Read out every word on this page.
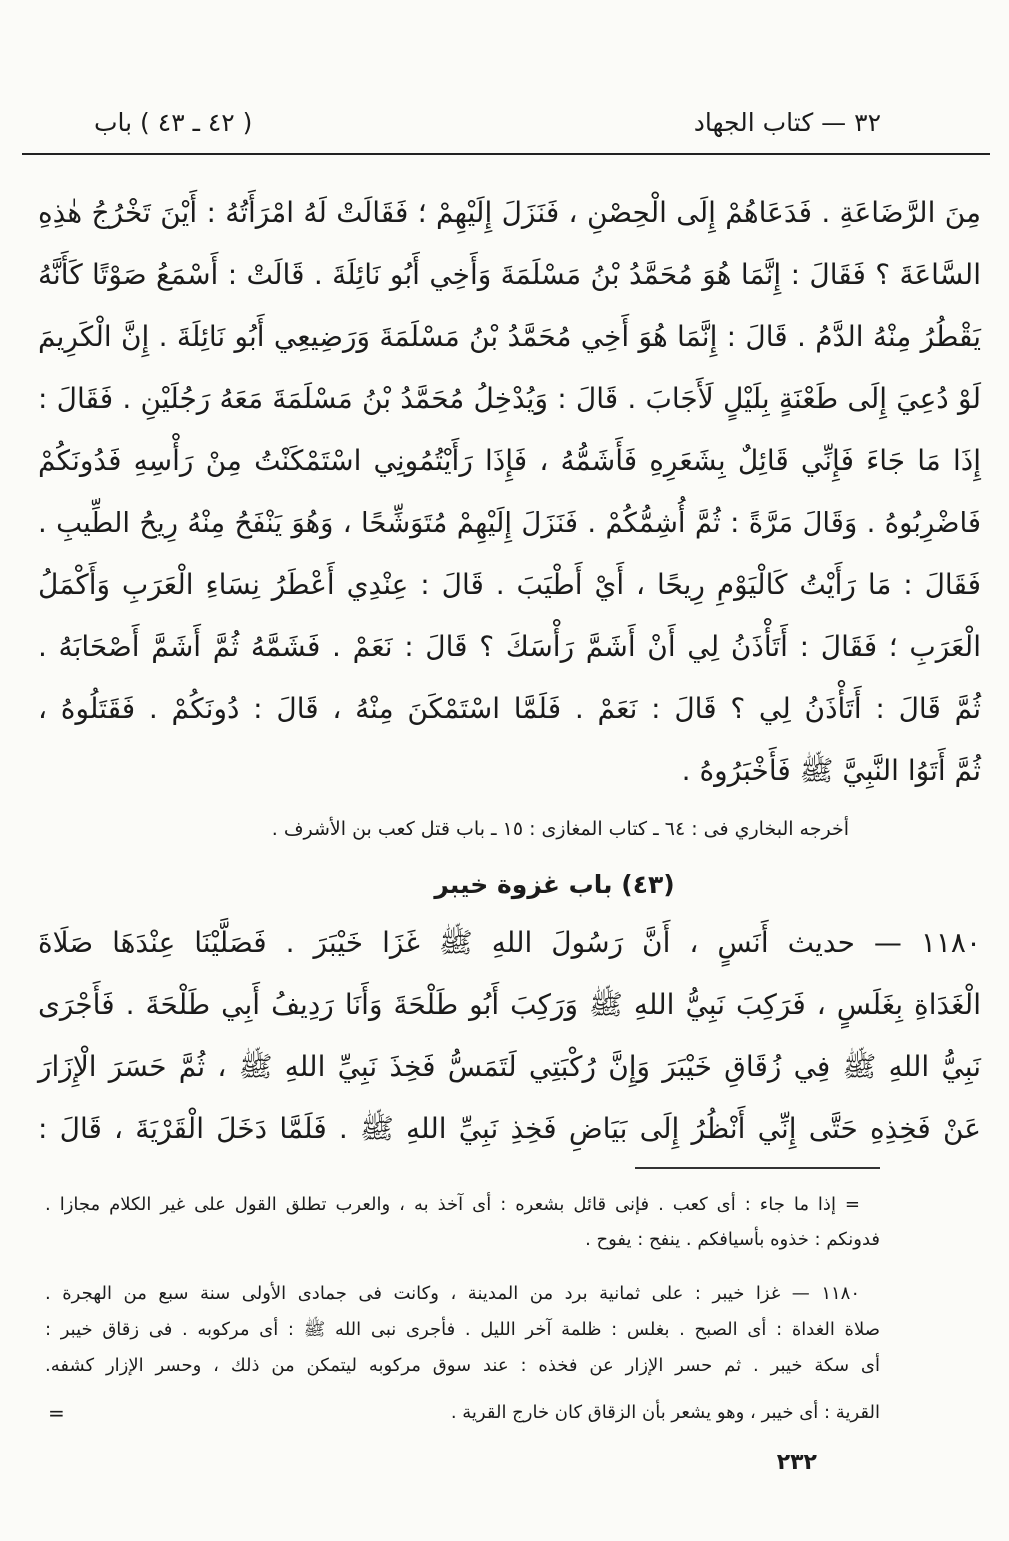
٣٢ — كتاب الجهاد
( ٤٢ ـ ٤٣ ) باب
مِنَ الرَّضَاعَةِ . فَدَعَاهُمْ إِلَى الْحِصْنِ ، فَنَزَلَ إِلَيْهِمْ ؛ فَقَالَتْ لَهُ امْرَأَتُهُ : أَيْنَ تَخْرُجُ هٰذِهِ
السَّاعَةَ ؟ فَقَالَ : إِنَّمَا هُوَ مُحَمَّدُ بْنُ مَسْلَمَةَ وَأَخِي أَبُو نَائِلَةَ . قَالَتْ : أَسْمَعُ صَوْتًا كَأَنَّهُ
يَقْطُرُ مِنْهُ الدَّمُ . قَالَ : إِنَّمَا هُوَ أَخِي مُحَمَّدُ بْنُ مَسْلَمَةَ وَرَضِيعِي أَبُو نَائِلَةَ . إِنَّ الْكَرِيمَ
لَوْ دُعِيَ إِلَى طَعْنَةٍ بِلَيْلٍ لَأَجَابَ . قَالَ : وَيُدْخِلُ مُحَمَّدُ بْنُ مَسْلَمَةَ مَعَهُ رَجُلَيْنِ . فَقَالَ :
إِذَا مَا جَاءَ فَإِنِّي قَائِلٌ بِشَعَرِهِ فَأَشَمُّهُ ، فَإِذَا رَأَيْتُمُونِي اسْتَمْكَنْتُ مِنْ رَأْسِهِ فَدُونَكُمْ
فَاضْرِبُوهُ . وَقَالَ مَرَّةً : ثُمَّ أُشِمُّكُمْ . فَنَزَلَ إِلَيْهِمْ مُتَوَشِّحًا ، وَهُوَ يَنْفَحُ مِنْهُ رِيحُ الطِّيبِ .
فَقَالَ : مَا رَأَيْتُ كَالْيَوْمِ رِيحًا ، أَيْ أَطْيَبَ . قَالَ : عِنْدِي أَعْطَرُ نِسَاءِ الْعَرَبِ وَأَكْمَلُ
الْعَرَبِ ؛ فَقَالَ : أَتَأْذَنُ لِي أَنْ أَشَمَّ رَأْسَكَ ؟ قَالَ : نَعَمْ . فَشَمَّهُ ثُمَّ أَشَمَّ أَصْحَابَهُ .
ثُمَّ قَالَ : أَتَأْذَنُ لِي ؟ قَالَ : نَعَمْ . فَلَمَّا اسْتَمْكَنَ مِنْهُ ، قَالَ : دُونَكُمْ . فَقَتَلُوهُ ،
ثُمَّ أَتَوُا النَّبِيَّ ﷺ فَأَخْبَرُوهُ .
أخرجه البخاري فى : ٦٤ ـ كتاب المغازى : ١٥ ـ باب قتل كعب بن الأشرف .
(٤٣) باب غزوة خيبر
١١٨٠ — حديث أَنَسٍ ، أَنَّ رَسُولَ اللهِ ﷺ غَزَا خَيْبَرَ . فَصَلَّيْنَا عِنْدَهَا صَلَاةَ
الْغَدَاةِ بِغَلَسٍ ، فَرَكِبَ نَبِيُّ اللهِ ﷺ وَرَكِبَ أَبُو طَلْحَةَ وَأَنَا رَدِيفُ أَبِي طَلْحَةَ . فَأَجْرَى
نَبِيُّ اللهِ ﷺ فِي زُقَاقِ خَيْبَرَ وَإِنَّ رُكْبَتِي لَتَمَسُّ فَخِذَ نَبِيِّ اللهِ ﷺ ، ثُمَّ حَسَرَ الْإِزَارَ
عَنْ فَخِذِهِ حَتَّى إِنِّي أَنْظُرُ إِلَى بَيَاضِ فَخِذِ نَبِيِّ اللهِ ﷺ . فَلَمَّا دَخَلَ الْقَرْيَةَ ، قَالَ :
= إذا ما جاء : أى كعب . فإنى قائل بشعره : أى آخذ به ، والعرب تطلق القول على غير الكلام مجازا .
فدونكم : خذوه بأسيافكم . ينفح : يفوح .
١١٨٠ — غزا خيبر : على ثمانية برد من المدينة ، وكانت فى جمادى الأولى سنة سبع من الهجرة .
صلاة الغداة : أى الصبح . بغلس : ظلمة آخر الليل . فأجرى نبى الله ﷺ : أى مركوبه . فى زقاق خيبر :
أى سكة خيبر . ثم حسر الإزار عن فخذه : عند سوق مركوبه ليتمكن من ذلك ، وحسر الإزار كشفه.
القرية : أى خيبر ، وهو يشعر بأن الزقاق كان خارج القرية .
=
٢٣٢
